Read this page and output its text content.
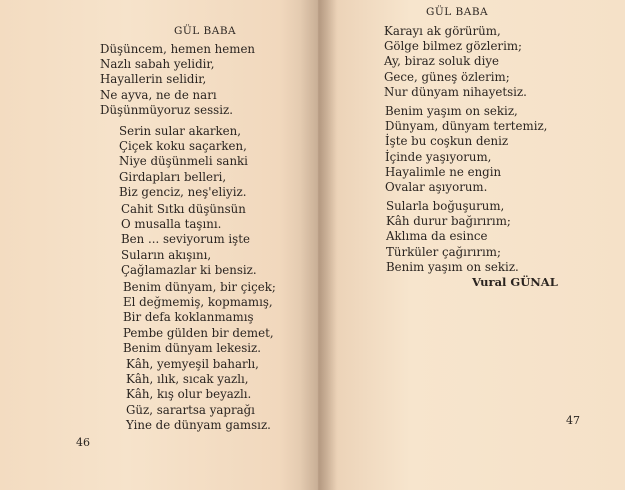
GÜL BABA
Düşüncem, hemen hemen
Nazlı sabah yelidir,
Hayallerin selidir,
Ne ayva, ne de narı
Düşünmüyoruz sessiz.
Serin sular akarken,
Çiçek koku saçarken,
Niye düşünmeli sanki
Girdapları belleri,
Biz genciz, neş'eliyiz.
Cahit Sıtkı düşünsün
O musalla taşını.
Ben ... seviyorum işte
Suların akışını,
Çağlamazlar ki bensiz.
Benim dünyam, bir çiçek;
El değmemiş, kopmamış,
Bir defa koklanmamış
Pembe gülden bir demet,
Benim dünyam lekesiz.
Kâh, yemyeşil baharlı,
Kâh, ılık, sıcak yazlı,
Kâh, kış olur beyazlı.
Güz, sarartsa yaprağı
Yine de dünyam gamsız.
46
GÜL BABA
Karayı ak görürüm,
Gölge bilmez gözlerim;
Ay, biraz soluk diye
Gece, güneş özlerim;
Nur dünyam nihayetsiz.
Benim yaşım on sekiz,
Dünyam, dünyam tertemiz,
İşte bu coşkun deniz
İçinde yaşıyorum,
Hayalimle ne engin
Ovalar aşıyorum.
Sularla boğuşurum,
Kâh durur bağırırım;
Aklıma da esince
Türküler çağırırım;
Benim yaşım on sekiz.
Vural GÜNAL
47
